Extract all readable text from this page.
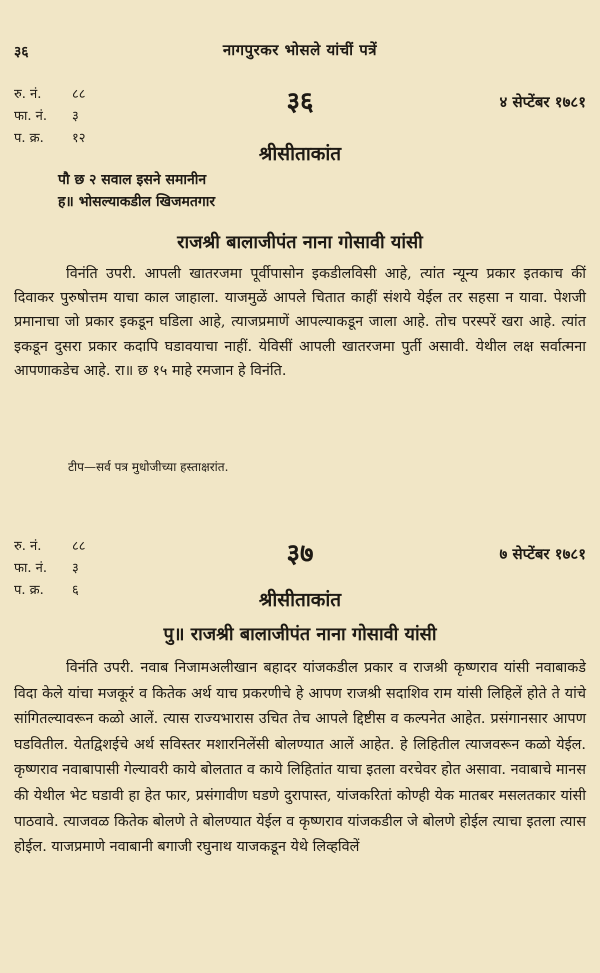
३६	नागपुरकर भोसले यांचीं पत्रें
रु. नं. ८८
फा. नं. ३
प. क्र. १२
३६	४ सेप्टेंबर १७८१
श्रीसीताकांत
पौ छ २ सवाल इसने समानीन
ह॥ भोसल्याकडील खिजमतगार
राजश्री बालाजीपंत नाना गोसावी यांसी

विनंति उपरी. आपली खातरजमा पूर्वीपासोन इकडीलविसी आहे, त्यांत न्यून्य प्रकार इतकाच कीं दिवाकर पुरुषोत्तम याचा काल जाहाला. याजमुळें आपले चितात काहीं संशये येईल तर सहसा न यावा. पेशजी प्रमानाचा जो प्रकार इकडून घडिला आहे, त्याजप्रमाणें आपल्याकडून जाला आहे. तोच परस्परें खरा आहे. त्यांत इकडून दुसरा प्रकार कदापि घडावयाचा नाहीं. येविसीं आपली खातरजमा पुर्ती असावी. येथील लक्ष सर्वात्मना आपणाकडेच आहे. रा॥ छ १५ माहे रमजान हे विनंति.

टीप—सर्व पत्र मुधोजीच्या हस्ताक्षरांत.
रु. नं. ८८
फा. नं. ३
प. क्र. ६
३७	७ सेप्टेंबर १७८१
श्रीसीताकांत
पु॥ राजश्री बालाजीपंत नाना गोसावी यांसी

विनंति उपरी. नवाब निजामअलीखान बहादर यांजकडील प्रकार व राजश्री कृष्णराव यांसी नवाबाकडे विदा केले यांचा मजकूरं व कितेक अर्थ याच प्रकरणीचे हे आपण राजश्री सदाशिव राम यांसी लिहिलें होते ते यांचे सांगितल्यावरून कळो आलें. त्यास राज्यभारास उचित तेच आपले द्दिष्टीस व कल्पनेत आहेत. प्रसंगानसार आपण घडवितील. येतद्विशईचे अर्थ सविस्तर मशारनिलेंसी बोलण्यात आलें आहेत. हे लिहितील त्याजवरून कळो येईल. कृष्णराव नवाबापासी गेल्यावरी काये बोलतात व काये लिहितांत याचा इतला वरचेवर होत असावा. नवाबाचे मानस की येथील भेट घडावी हा हेत फार, प्रसंगावीण घडणे दुरापास्त, यांजकरितां कोण्ही येक मातबर मसलतकार यांसी पाठवावे. त्याजवळ कितेक बोलणे ते बोलण्यात येईल व कृष्णराव यांजकडील जे बोलणे होईल त्याचा इतला त्यास होईल. याजप्रमाणे नवाबानी बगाजी रघुनाथ याजकडून येथे लिव्हविलें
